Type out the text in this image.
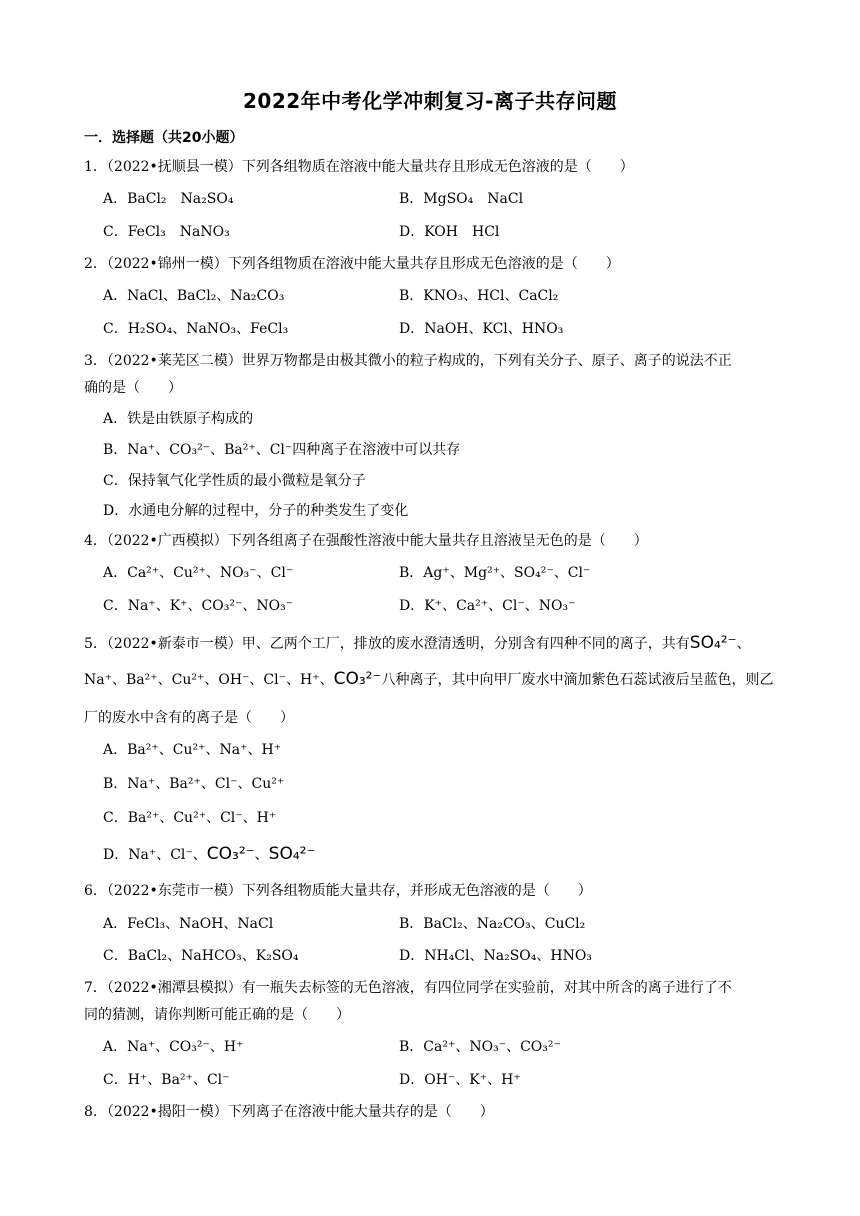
2022年中考化学冲刺复习-离子共存问题
一．选择题（共20小题）
1．（2022•抚顺县一模）下列各组物质在溶液中能大量共存且形成无色溶液的是（　　）
A．BaCl₂　Na₂SO₄	B．MgSO₄　NaCl
C．FeCl₃　NaNO₃	D．KOH　HCl
2．（2022•锦州一模）下列各组物质在溶液中能大量共存且形成无色溶液的是（　　）
A．NaCl、BaCl₂、Na₂CO₃	B．KNO₃、HCl、CaCl₂
C．H₂SO₄、NaNO₃、FeCl₃	D．NaOH、KCl、HNO₃
3．（2022•莱芜区二模）世界万物都是由极其微小的粒子构成的，下列有关分子、原子、离子的说法不正
确的是（　　）
A．铁是由铁原子构成的
B．Na⁺、CO₃²⁻、Ba²⁺、Cl⁻四种离子在溶液中可以共存
C．保持氧气化学性质的最小微粒是氧分子
D．水通电分解的过程中，分子的种类发生了变化
4．（2022•广西模拟）下列各组离子在强酸性溶液中能大量共存且溶液呈无色的是（　　）
A．Ca²⁺、Cu²⁺、NO₃⁻、Cl⁻	B．Ag⁺、Mg²⁺、SO₄²⁻、Cl⁻
C．Na⁺、K⁺、CO₃²⁻、NO₃⁻	D．K⁺、Ca²⁺、Cl⁻、NO₃⁻
5．（2022•新泰市一模）甲、乙两个工厂，排放的废水澄清透明，分别含有四种不同的离子，共有SO₄²⁻、
Na⁺、Ba²⁺、Cu²⁺、OH⁻、Cl⁻、H⁺、CO₃²⁻八种离子，其中向甲厂废水中滴加紫色石蕊试液后呈蓝色，则乙
厂的废水中含有的离子是（　　）
A．Ba²⁺、Cu²⁺、Na⁺、H⁺
B．Na⁺、Ba²⁺、Cl⁻、Cu²⁺
C．Ba²⁺、Cu²⁺、Cl⁻、H⁺
D．Na⁺、Cl⁻、CO₃²⁻、SO₄²⁻
6．（2022•东莞市一模）下列各组物质能大量共存，并形成无色溶液的是（　　）
A．FeCl₃、NaOH、NaCl	B．BaCl₂、Na₂CO₃、CuCl₂
C．BaCl₂、NaHCO₃、K₂SO₄	D．NH₄Cl、Na₂SO₄、HNO₃
7．（2022•湘潭县模拟）有一瓶失去标签的无色溶液，有四位同学在实验前，对其中所含的离子进行了不
同的猜测，请你判断可能正确的是（　　）
A．Na⁺、CO₃²⁻、H⁺	B．Ca²⁺、NO₃⁻、CO₃²⁻
C．H⁺、Ba²⁺、Cl⁻	D．OH⁻、K⁺、H⁺
8．（2022•揭阳一模）下列离子在溶液中能大量共存的是（　　）
